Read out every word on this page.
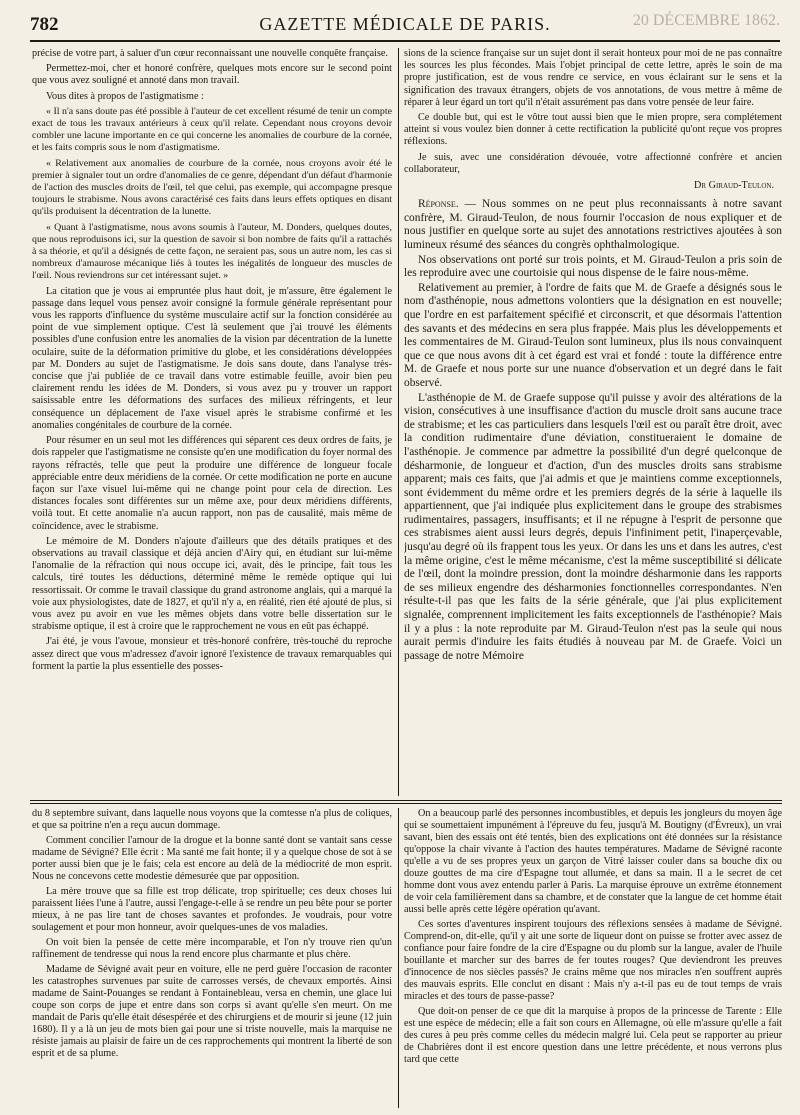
782	GAZETTE MÉDICALE DE PARIS.	20 DÉCEMBRE 1862.

précise de votre part, à saluer d'un cœur reconnaissant une nouvelle conquête française.

Permettez-moi, cher et honoré confrère, quelques mots encore sur le second point que vous avez souligné et annoté dans mon travail.

Vous dites à propos de l'astigmatisme :

« Il n'a sans doute pas été possible à l'auteur de cet excellent résumé de tenir un compte exact de tous les travaux antérieurs à ceux qu'il relate. Cependant nous croyons devoir combler une lacune importante en ce qui concerne les anomalies de courbure de la cornée, et les faits compris sous le nom d'astigmatisme.

« Relativement aux anomalies de courbure de la cornée, nous croyons avoir été le premier à signaler tout un ordre d'anomalies de ce genre, dépendant d'un défaut d'harmonie de l'action des muscles droits de l'œil, tel que celui, pas exemple, qui accompagne presque toujours le strabisme. Nous avons caractérisé ces faits dans leurs effets optiques en disant qu'ils produisent la décentration de la lunette.

« Quant à l'astigmatisme, nous avons soumis à l'auteur, M. Donders, quelques doutes, que nous reproduisons ici, sur la question de savoir si bon nombre de faits qu'il a rattachés à sa théorie, et qu'il a désignés de cette façon, ne seraient pas, sous un autre nom, les cas si nombreux d'amaurose mécanique liés à toutes les inégalités de longueur des muscles de l'œil. Nous reviendrons sur cet intéressant sujet. »

La citation que je vous ai empruntée plus haut doit, je m'assure, être également le passage dans lequel vous pensez avoir consigné la formule générale représentant pour vous les rapports d'influence du système musculaire actif sur la fonction considérée au point de vue simplement optique. C'est là seulement que j'ai trouvé les éléments possibles d'une confusion entre les anomalies de la vision par décentration de la lunette oculaire, suite de la déformation primitive du globe, et les considérations développées par M. Donders au sujet de l'astigmatisme. Je dois sans doute, dans l'analyse très-concise que j'ai publiée de ce travail dans votre estimable feuille, avoir bien peu clairement rendu les idées de M. Donders, si vous avez pu y trouver un rapport saisissable entre les déformations des surfaces des milieux réfringents, et leur conséquence un déplacement de l'axe visuel après le strabisme confirmé et les anomalies congénitales de courbure de la cornée.

Pour résumer en un seul mot les différences qui séparent ces deux ordres de faits, je dois rappeler que l'astigmatisme ne consiste qu'en une modification du foyer normal des rayons réfractés, telle que peut la produire une différence de longueur focale appréciable entre deux méridiens de la cornée. Or cette modification ne porte en aucune façon sur l'axe visuel lui-même qui ne change point pour cela de direction. Les distances focales sont différentes sur un même axe, pour deux méridiens différents, voilà tout. Et cette anomalie n'a aucun rapport, non pas de causalité, mais même de coïncidence, avec le strabisme.

Le mémoire de M. Donders n'ajoute d'ailleurs que des détails pratiques et des observations au travail classique et déjà ancien d'Airy qui, en étudiant sur lui-même l'anomalie de la réfraction qui nous occupe ici, avait, dès le principe, fait tous les calculs, tiré toutes les déductions, déterminé même le remède optique qui lui ressortissait. Or comme le travail classique du grand astronome anglais, qui a marqué la voie aux physiologistes, date de 1827, et qu'il n'y a, en réalité, rien été ajouté de plus, si vous avez pu avoir en vue les mêmes objets dans votre belle dissertation sur le strabisme optique, il est à croire que le rapprochement ne vous en eût pas échappé.

J'ai été, je vous l'avoue, monsieur et très-honoré confrère, très-touché du reproche assez direct que vous m'adressez d'avoir ignoré l'existence de travaux remarquables qui forment la partie la plus essentielle des posses-

sions de la science française sur un sujet dont il serait honteux pour moi de ne pas connaître les sources les plus fécondes. Mais l'objet principal de cette lettre, après le soin de ma propre justification, est de vous rendre ce service, en vous éclairant sur le sens et la signification des travaux étrangers, objets de vos annotations, de vous mettre à même de réparer à leur égard un tort qu'il n'était assurément pas dans votre pensée de leur faire.

Ce double but, qui est le vôtre tout aussi bien que le mien propre, sera complétement atteint si vous voulez bien donner à cette rectification la publicité qu'ont reçue vos propres réflexions.

Je suis, avec une considération dévouée, votre affectionné confrère et ancien collaborateur,

Dr Giraud-Teulon.

Réponse. — Nous sommes on ne peut plus reconnaissants à notre savant confrère, M. Giraud-Teulon, de nous fournir l'occasion de nous expliquer et de nous justifier en quelque sorte au sujet des annotations restrictives ajoutées à son lumineux résumé des séances du congrès ophthalmologique.

Nos observations ont porté sur trois points, et M. Giraud-Teulon a pris soin de les reproduire avec une courtoisie qui nous dispense de le faire nous-même.

Relativement au premier, à l'ordre de faits que M. de Graefe a désignés sous le nom d'asthénopie, nous admettons volontiers que la désignation en est nouvelle; que l'ordre en est parfaitement spécifié et circonscrit, et que désormais l'attention des savants et des médecins en sera plus frappée. Mais plus les développements et les commentaires de M. Giraud-Teulon sont lumineux, plus ils nous convainquent que ce que nous avons dit à cet égard est vrai et fondé : toute la différence entre M. de Graefe et nous porte sur une nuance d'observation et un degré dans le fait observé.

L'asthénopie de M. de Graefe suppose qu'il puisse y avoir des altérations de la vision, consécutives à une insuffisance d'action du muscle droit sans aucune trace de strabisme; et les cas particuliers dans lesquels l'œil est ou paraît être droit, avec la condition rudimentaire d'une déviation, constitueraient le domaine de l'asthénopie. Je commence par admettre la possibilité d'un degré quelconque de désharmonie, de longueur et d'action, d'un des muscles droits sans strabisme apparent; mais ces faits, que j'ai admis et que je maintiens comme exceptionnels, sont évidemment du même ordre et les premiers degrés de la série à laquelle ils appartiennent, que j'ai indiquée plus explicitement dans le groupe des strabismes rudimentaires, passagers, insuffisants; et il ne répugne à l'esprit de personne que ces strabismes aient aussi leurs degrés, depuis l'infiniment petit, l'inaperçevable, jusqu'au degré où ils frappent tous les yeux. Or dans les uns et dans les autres, c'est la même origine, c'est le même mécanisme, c'est la même susceptibilité si délicate de l'œil, dont la moindre pression, dont la moindre désharmonie dans les rapports de ses milieux engendre des désharmonies fonctionnelles correspondantes. N'en résulte-t-il pas que les faits de la série générale, que j'ai plus explicitement signalée, comprennent implicitement les faits exceptionnels de l'asthénopie? Mais il y a plus : la note reproduite par M. Giraud-Teulon n'est pas la seule qui nous aurait permis d'induire les faits étudiés à nouveau par M. de Graefe. Voici un passage de notre Mémoire

du 8 septembre suivant, dans laquelle nous voyons que la comtesse n'a plus de coliques, et que sa poitrine n'en a reçu aucun dommage.

Comment concilier l'amour de la drogue et la bonne santé dont se vantait sans cesse madame de Sévigné? Elle écrit : Ma santé me fait honte; il y a quelque chose de sot à se porter aussi bien que je le fais; cela est encore au delà de la médiocrité de mon esprit. Nous ne concevons cette modestie démesurée que par opposition.

La mère trouve que sa fille est trop délicate, trop spirituelle; ces deux choses lui paraissent liées l'une à l'autre, aussi l'engage-t-elle à se rendre un peu bête pour se porter mieux, à ne pas lire tant de choses savantes et profondes. Je voudrais, pour votre soulagement et pour mon honneur, avoir quelques-unes de vos maladies.

On voit bien la pensée de cette mère incomparable, et l'on n'y trouve rien qu'un raffinement de tendresse qui nous la rend encore plus charmante et plus chère.

Madame de Sévigné avait peur en voiture, elle ne perd guère l'occasion de raconter les catastrophes survenues par suite de carrosses versés, de chevaux emportés. Ainsi madame de Saint-Pouanges se rendant à Fontainebleau, versa en chemin, une glace lui coupe son corps de jupe et entre dans son corps si avant qu'elle s'en meurt. On me mandait de Paris qu'elle était désespérée et des chirurgiens et de mourir si jeune (12 juin 1680). Il y a là un jeu de mots bien gai pour une si triste nouvelle, mais la marquise ne résiste jamais au plaisir de faire un de ces rapprochements qui montrent la liberté de son esprit et de sa plume.

On a beaucoup parlé des personnes incombustibles, et depuis les jongleurs du moyen âge qui se soumettaient impunément à l'épreuve du feu, jusqu'à M. Boutigny (d'Évreux), un vrai savant, bien des essais ont été tentés, bien des explications ont été données sur la résistance qu'oppose la chair vivante à l'action des hautes températures. Madame de Sévigné raconte qu'elle a vu de ses propres yeux un garçon de Vitré laisser couler dans sa bouche dix ou douze gouttes de ma cire d'Espagne tout allumée, et dans sa main. Il a le secret de cet homme dont vous avez entendu parler à Paris. La marquise éprouve un extrême étonnement de voir cela familièrement dans sa chambre, et de constater que la langue de cet homme était aussi belle après cette légère opération qu'avant.

Ces sortes d'aventures inspirent toujours des réflexions sensées à madame de Sévigné. Comprend-on, dit-elle, qu'il y ait une sorte de liqueur dont on puisse se frotter avec assez de confiance pour faire fondre de la cire d'Espagne ou du plomb sur la langue, avaler de l'huile bouillante et marcher sur des barres de fer toutes rouges? Que deviendront les preuves d'innocence de nos siècles passés? Je crains même que nos miracles n'en souffrent auprès des mauvais esprits. Elle conclut en disant : Mais n'y a-t-il pas eu de tout temps de vrais miracles et des tours de passe-passe?

Que doit-on penser de ce que dit la marquise à propos de la princesse de Tarente : Elle est une espèce de médecin; elle a fait son cours en Allemagne, où elle m'assure qu'elle a fait des cures à peu près comme celles du médecin malgré lui. Cela peut se rapporter au prieur de Chabrières dont il est encore question dans une lettre précédente, et nous verrons plus tard que cette
